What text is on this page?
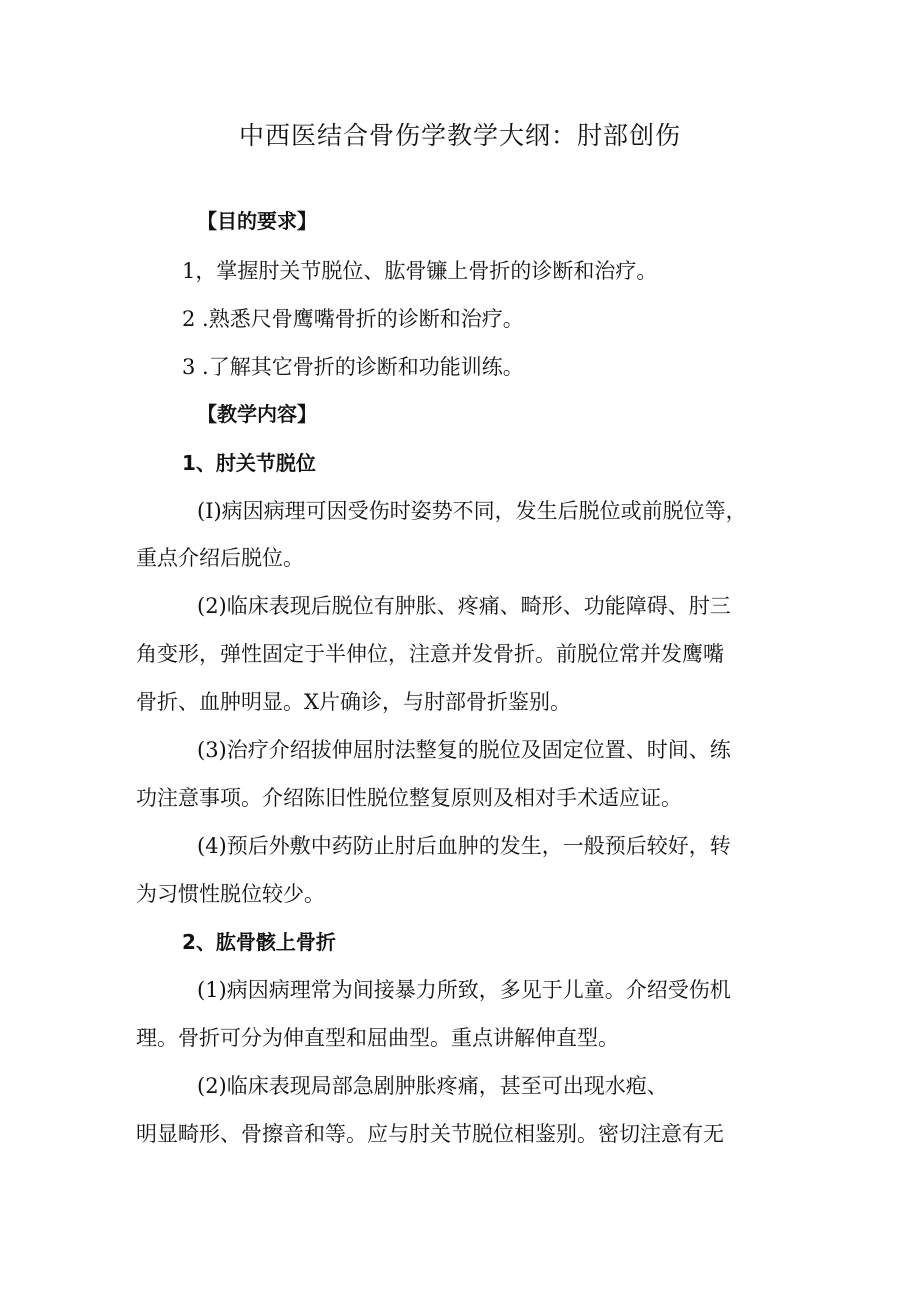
中西医结合骨伤学教学大纲：肘部创伤

【目的要求】

1，掌握肘关节脱位、肱骨镰上骨折的诊断和治疗。

2 .熟悉尺骨鹰嘴骨折的诊断和治疗。

3 .了解其它骨折的诊断和功能训练。

【教学内容】

1、肘关节脱位

(I)病因病理可因受伤时姿势不同，发生后脱位或前脱位等，

重点介绍后脱位。

(2)临床表现后脱位有肿胀、疼痛、畸形、功能障碍、肘三

角变形，弹性固定于半伸位，注意并发骨折。前脱位常并发鹰嘴

骨折、血肿明显。X片确诊，与肘部骨折鉴别。

(3)治疗介绍拔伸屈肘法整复的脱位及固定位置、时间、练

功注意事项。介绍陈旧性脱位整复原则及相对手术适应证。

(4)预后外敷中药防止肘后血肿的发生，一般预后较好，转

为习惯性脱位较少。

2、肱骨骸上骨折

(1)病因病理常为间接暴力所致，多见于儿童。介绍受伤机

理。骨折可分为伸直型和屈曲型。重点讲解伸直型。

(2)临床表现局部急剧肿胀疼痛，甚至可出现水疱、

明显畸形、骨擦音和等。应与肘关节脱位相鉴别。密切注意有无
